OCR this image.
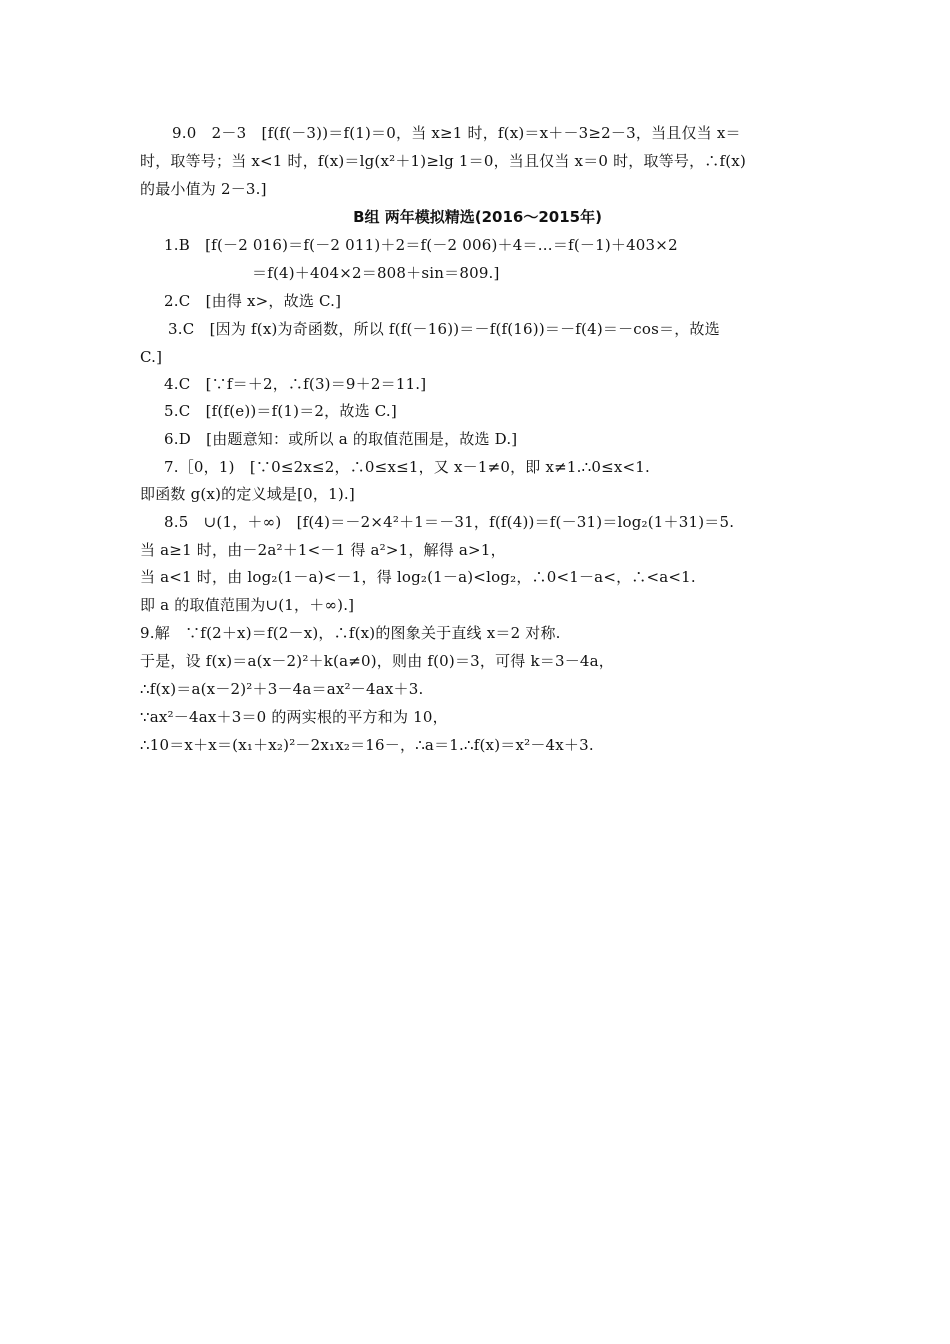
9.0　2－3　[f(f(－3))＝f(1)＝0，当 x≥1 时，f(x)＝x＋－3≥2－3，当且仅当 x＝
时，取等号；当 x<1 时，f(x)＝lg(x²＋1)≥lg 1＝0，当且仅当 x＝0 时，取等号，∴f(x)
的最小值为 2－3.]
B组 两年模拟精选(2016～2015年)
1.B　[f(－2 016)＝f(－2 011)＋2＝f(－2 006)＋4＝…＝f(－1)＋403×2
＝f(4)＋404×2＝808＋sin＝809.]
2.C　[由得 x>，故选 C.]
3.C　[因为 f(x)为奇函数，所以 f(f(－16))＝－f(f(16))＝－f(4)＝－cos＝，故选
C.]
4.C　[∵f＝＋2，∴f(3)＝9＋2＝11.]
5.C　[f(f(e))＝f(1)＝2，故选 C.]
6.D　[由题意知：或所以 a 的取值范围是，故选 D.]
7.［0，1)　[∵0≤2x≤2，∴0≤x≤1，又 x－1≠0，即 x≠1.∴0≤x<1.
即函数 g(x)的定义域是[0，1).]
8.5　∪(1，＋∞)　[f(4)＝－2×4²＋1＝－31，f(f(4))＝f(－31)＝log₂(1＋31)＝5.
当 a≥1 时，由－2a²＋1<－1 得 a²>1，解得 a>1，
当 a<1 时，由 log₂(1－a)<－1，得 log₂(1－a)<log₂，∴0<1－a<，∴<a<1.
即 a 的取值范围为∪(1，＋∞).]
9.解　∵f(2＋x)＝f(2－x)，∴f(x)的图象关于直线 x＝2 对称.
于是，设 f(x)＝a(x－2)²＋k(a≠0)，则由 f(0)＝3，可得 k＝3－4a，
∴f(x)＝a(x－2)²＋3－4a＝ax²－4ax＋3.
∵ax²－4ax＋3＝0 的两实根的平方和为 10，
∴10＝x＋x＝(x₁＋x₂)²－2x₁x₂＝16－，∴a＝1.∴f(x)＝x²－4x＋3.
